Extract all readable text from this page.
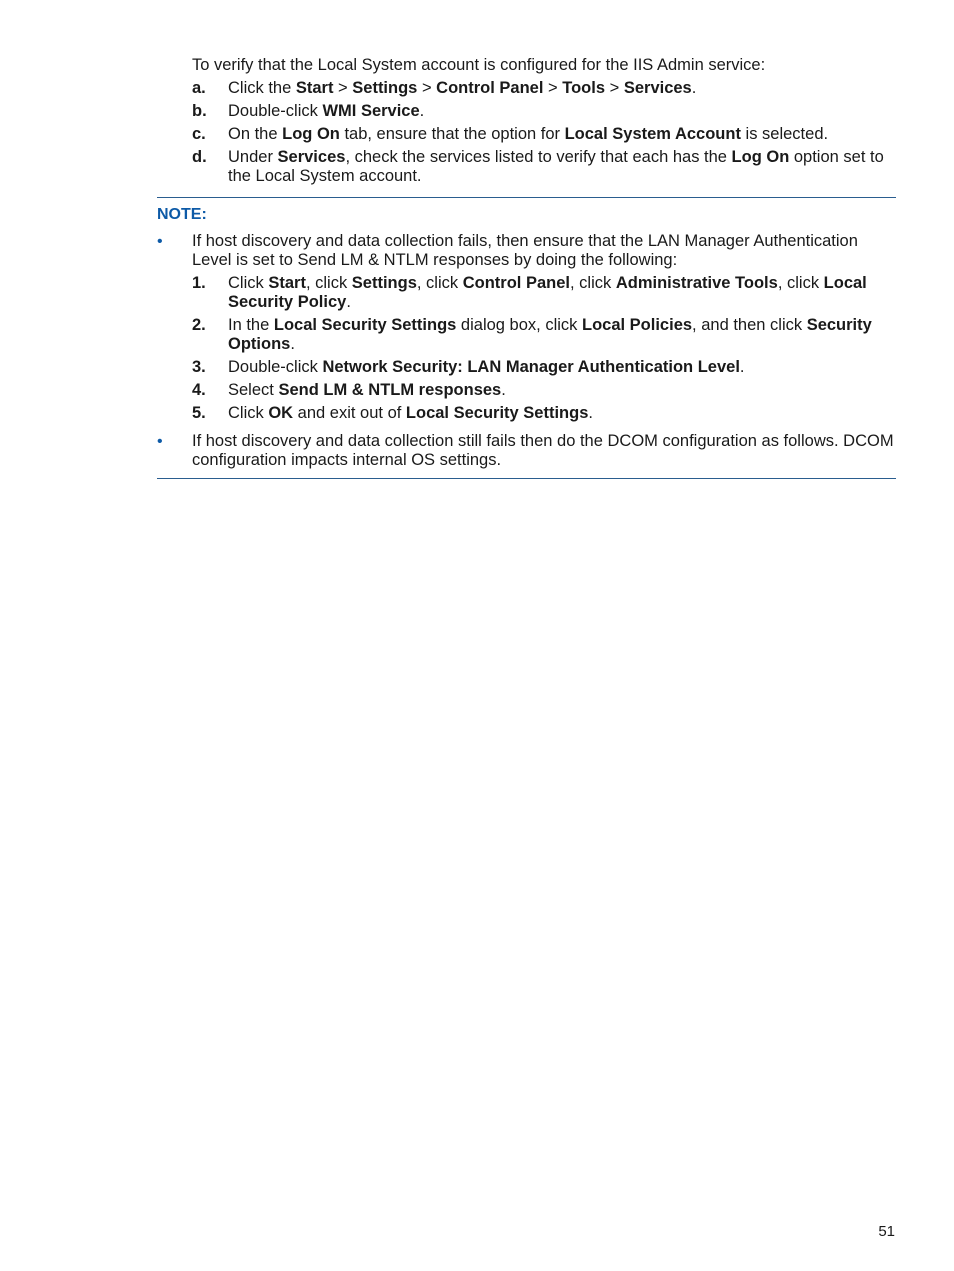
To verify that the Local System account is configured for the IIS Admin service:

a. Click the Start > Settings > Control Panel > Tools > Services.
b. Double-click WMI Service.
c. On the Log On tab, ensure that the option for Local System Account is selected.
d. Under Services, check the services listed to verify that each has the Log On option set to the Local System account.
NOTE:
• If host discovery and data collection fails, then ensure that the LAN Manager Authentication Level is set to Send LM & NTLM responses by doing the following:
1. Click Start, click Settings, click Control Panel, click Administrative Tools, click Local Security Policy.
2. In the Local Security Settings dialog box, click Local Policies, and then click Security Options.
3. Double-click Network Security: LAN Manager Authentication Level.
4. Select Send LM & NTLM responses.
5. Click OK and exit out of Local Security Settings.
• If host discovery and data collection still fails then do the DCOM configuration as follows. DCOM configuration impacts internal OS settings.
51
